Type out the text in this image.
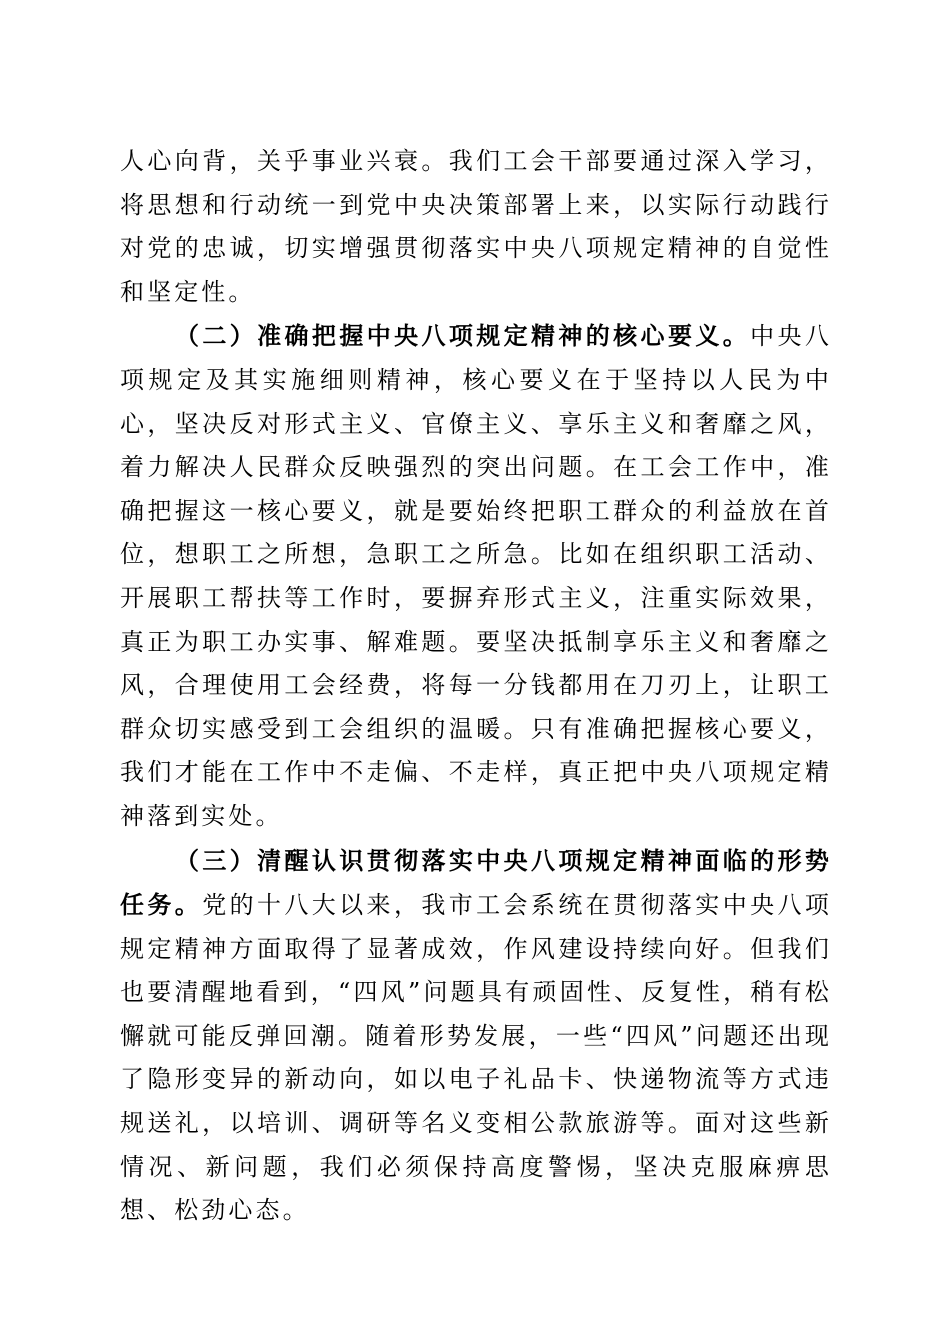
人心向背，关乎事业兴衰。我们工会干部要通过深入学习，将思想和行动统一到党中央决策部署上来，以实际行动践行对党的忠诚，切实增强贯彻落实中央八项规定精神的自觉性和坚定性。

（二）准确把握中央八项规定精神的核心要义。中央八项规定及其实施细则精神，核心要义在于坚持以人民为中心，坚决反对形式主义、官僚主义、享乐主义和奢靡之风，着力解决人民群众反映强烈的突出问题。在工会工作中，准确把握这一核心要义，就是要始终把职工群众的利益放在首位，想职工之所想，急职工之所急。比如在组织职工活动、开展职工帮扶等工作时，要摒弃形式主义，注重实际效果，真正为职工办实事、解难题。要坚决抵制享乐主义和奢靡之风，合理使用工会经费，将每一分钱都用在刀刃上，让职工群众切实感受到工会组织的温暖。只有准确把握核心要义，我们才能在工作中不走偏、不走样，真正把中央八项规定精神落到实处。

（三）清醒认识贯彻落实中央八项规定精神面临的形势任务。党的十八大以来，我市工会系统在贯彻落实中央八项规定精神方面取得了显著成效，作风建设持续向好。但我们也要清醒地看到，“四风”问题具有顽固性、反复性，稍有松懈就可能反弹回潮。随着形势发展，一些“四风”问题还出现了隐形变异的新动向，如以电子礼品卡、快递物流等方式违规送礼，以培训、调研等名义变相公款旅游等。面对这些新情况、新问题，我们必须保持高度警惕，坚决克服麻痹思想、松劲心态。
